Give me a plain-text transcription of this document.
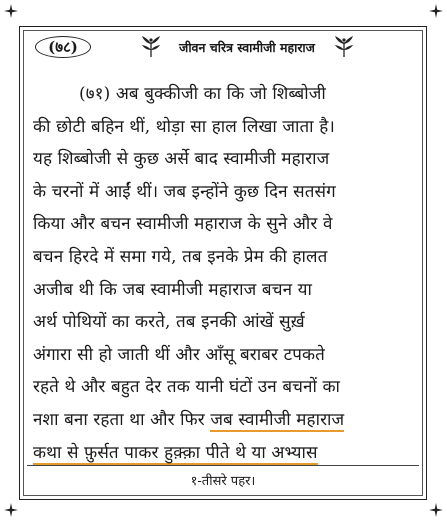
(७८)	जीवन चरित्र स्वामीजी महाराज
(७१) अब बुक्कीजी का कि जो शिब्बोजी
की छोटी बहिन थीं, थोड़ा सा हाल लिखा जाता है।
यह शिब्बोजी से कुछ अर्से बाद स्वामीजी महाराज
के चरनों में आईं थीं। जब इन्होंने कुछ दिन सतसंग
किया और बचन स्वामीजी महाराज के सुने और वे
बचन हिरदे में समा गये, तब इनके प्रेम की हालत
अजीब थी कि जब स्वामीजी महाराज बचन या
अर्थ पोथियों का करते, तब इनकी आंखें सुर्ख़
अंगारा सी हो जाती थीं और आँसू बराबर टपकते
रहते थे और बहुत देर तक यानी घंटों उन बचनों का
नशा बना रहता था और फिर जब स्वामीजी महाराज
कथा से फ़ुर्सत पाकर हुक़्क़ा पीते थे या अभ्यास
१-तीसरे पहर।
